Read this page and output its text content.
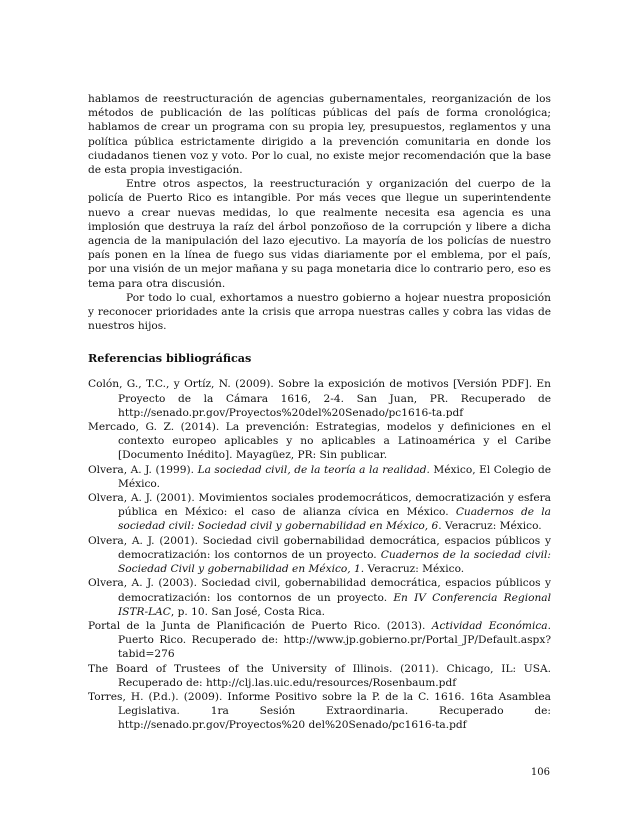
hablamos de reestructuración de agencias gubernamentales, reorganización de los métodos de publicación de las políticas públicas del país de forma cronológica; hablamos de crear un programa con su propia ley, presupuestos, reglamentos y una política pública estrictamente dirigido a la prevención comunitaria en donde los ciudadanos tienen voz y voto. Por lo cual, no existe mejor recomendación que la base de esta propia investigación.

Entre otros aspectos, la reestructuración y organización del cuerpo de la policía de Puerto Rico es intangible. Por más veces que llegue un superintendente nuevo a crear nuevas medidas, lo que realmente necesita esa agencia es una implosión que destruya la raíz del árbol ponzoñoso de la corrupción y libere a dicha agencia de la manipulación del lazo ejecutivo. La mayoría de los policías de nuestro país ponen en la línea de fuego sus vidas diariamente por el emblema, por el país, por una visión de un mejor mañana y su paga monetaria dice lo contrario pero, eso es tema para otra discusión.

Por todo lo cual, exhortamos a nuestro gobierno a hojear nuestra proposición y reconocer prioridades ante la crisis que arropa nuestras calles y cobra las vidas de nuestros hijos.

Referencias bibliográficas

Colón, G., T.C., y Ortíz, N. (2009). Sobre la exposición de motivos [Versión PDF]. En Proyecto de la Cámara 1616, 2-4. San Juan, PR. Recuperado de http://senado.pr.gov/Proyectos%20del%20Senado/pc1616-ta.pdf

Mercado, G. Z. (2014). La prevención: Estrategias, modelos y definiciones en el contexto europeo aplicables y no aplicables a Latinoamérica y el Caribe [Documento Inédito]. Mayagüez, PR: Sin publicar.

Olvera, A. J. (1999). La sociedad civil, de la teoría a la realidad. México, El Colegio de México.

Olvera, A. J. (2001). Movimientos sociales prodemocráticos, democratización y esfera pública en México: el caso de alianza cívica en México. Cuadernos de la sociedad civil: Sociedad civil y gobernabilidad en México, 6. Veracruz: México.

Olvera, A. J. (2001). Sociedad civil gobernabilidad democrática, espacios públicos y democratización: los contornos de un proyecto. Cuadernos de la sociedad civil: Sociedad Civil y gobernabilidad en México, 1. Veracruz: México.

Olvera, A. J. (2003). Sociedad civil, gobernabilidad democrática, espacios públicos y democratización: los contornos de un proyecto. En IV Conferencia Regional ISTR-LAC, p. 10. San José, Costa Rica.

Portal de la Junta de Planificación de Puerto Rico. (2013). Actividad Económica. Puerto Rico. Recuperado de: http://www.jp.gobierno.pr/Portal_JP/Default.aspx?tabid=276

The Board of Trustees of the University of Illinois. (2011). Chicago, IL: USA. Recuperado de: http://clj.las.uic.edu/resources/Rosenbaum.pdf

Torres, H. (P.d.). (2009). Informe Positivo sobre la P. de la C. 1616. 16ta Asamblea Legislativa. 1ra Sesión Extraordinaria. Recuperado de: http://senado.pr.gov/Proyectos%20 del%20Senado/pc1616-ta.pdf

106
